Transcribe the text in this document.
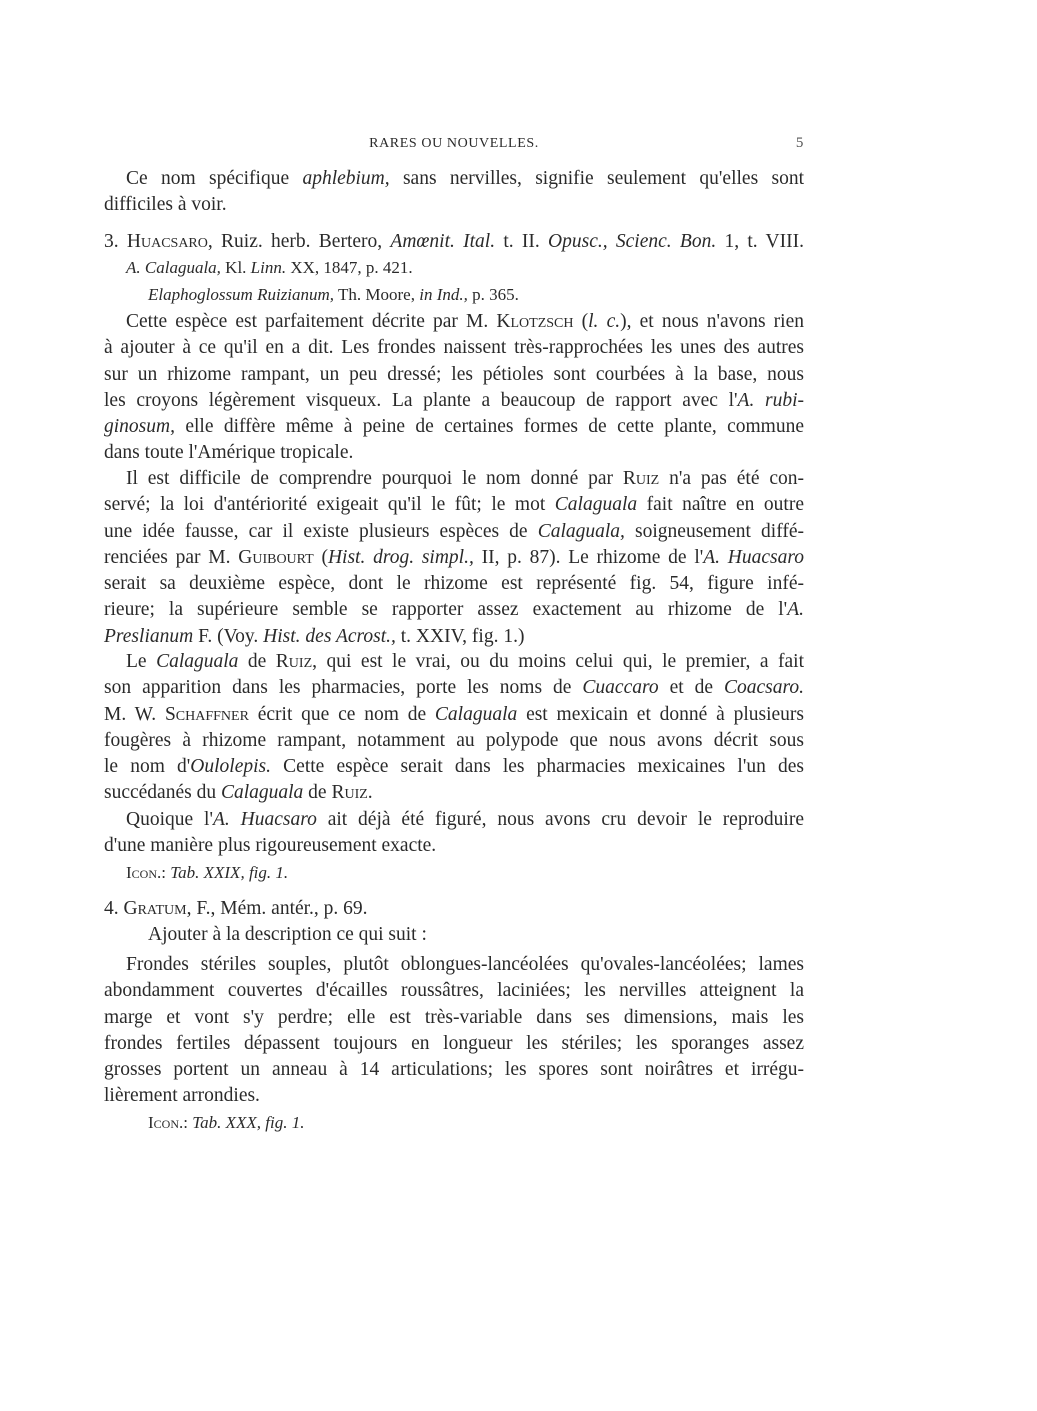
RARES OU NOUVELLES.	5
Ce nom spécifique aphlebium, sans nervilles, signifie seulement qu'elles sont
difficiles à voir.
3. Huacsaro, Ruiz. herb. Bertero, Amœnit. Ital. t. II. Opusc., Scienc. Bon. 1, t. VIII.
A. Calaguala, Kl. Linn. XX, 1847, p. 421.
Elaphoglossum Ruizianum, Th. Moore, in Ind., p. 365.
Cette espèce est parfaitement décrite par M. Klotzsch (l. c.), et nous n'avons rien
à ajouter à ce qu'il en a dit. Les frondes naissent très-rapprochées les unes des autres
sur un rhizome rampant, un peu dressé; les pétioles sont courbées à la base, nous
les croyons légèrement visqueux. La plante a beaucoup de rapport avec l'A. rubi-
ginosum, elle diffère même à peine de certaines formes de cette plante, commune
dans toute l'Amérique tropicale.
Il est difficile de comprendre pourquoi le nom donné par Ruiz n'a pas été con-
servé; la loi d'antériorité exigeait qu'il le fût; le mot Calaguala fait naître en outre
une idée fausse, car il existe plusieurs espèces de Calaguala, soigneusement diffé-
renciées par M. Guibourt (Hist. drog. simpl., II, p. 87). Le rhizome de l'A. Huacsaro
serait sa deuxième espèce, dont le rhizome est représenté fig. 54, figure infé-
rieure; la supérieure semble se rapporter assez exactement au rhizome de l'A.
Preslianum F. (Voy. Hist. des Acrost., t. XXIV, fig. 1.)
Le Calaguala de Ruiz, qui est le vrai, ou du moins celui qui, le premier, a fait
son apparition dans les pharmacies, porte les noms de Cuaccaro et de Coacsaro.
M. W. Schaffner écrit que ce nom de Calaguala est mexicain et donné à plusieurs
fougères à rhizome rampant, notamment au polypode que nous avons décrit sous
le nom d'Oulolepis. Cette espèce serait dans les pharmacies mexicaines l'un des
succédanés du Calaguala de Ruiz.
Quoique l'A. Huacsaro ait déjà été figuré, nous avons cru devoir le reproduire
d'une manière plus rigoureusement exacte.
Icon.: Tab. XXIX, fig. 1.
4. Gratum, F., Mém. antér., p. 69.
Ajouter à la description ce qui suit :
Frondes stériles souples, plutôt oblongues-lancéolées qu'ovales-lancéolées; lames
abondamment couvertes d'écailles roussâtres, laciniées; les nervilles atteignent la
marge et vont s'y perdre; elle est très-variable dans ses dimensions, mais les
frondes fertiles dépassent toujours en longueur les stériles; les sporanges assez
grosses portent un anneau à 14 articulations; les spores sont noirâtres et irrégu-
lièrement arrondies.
Icon.: Tab. XXX, fig. 1.
